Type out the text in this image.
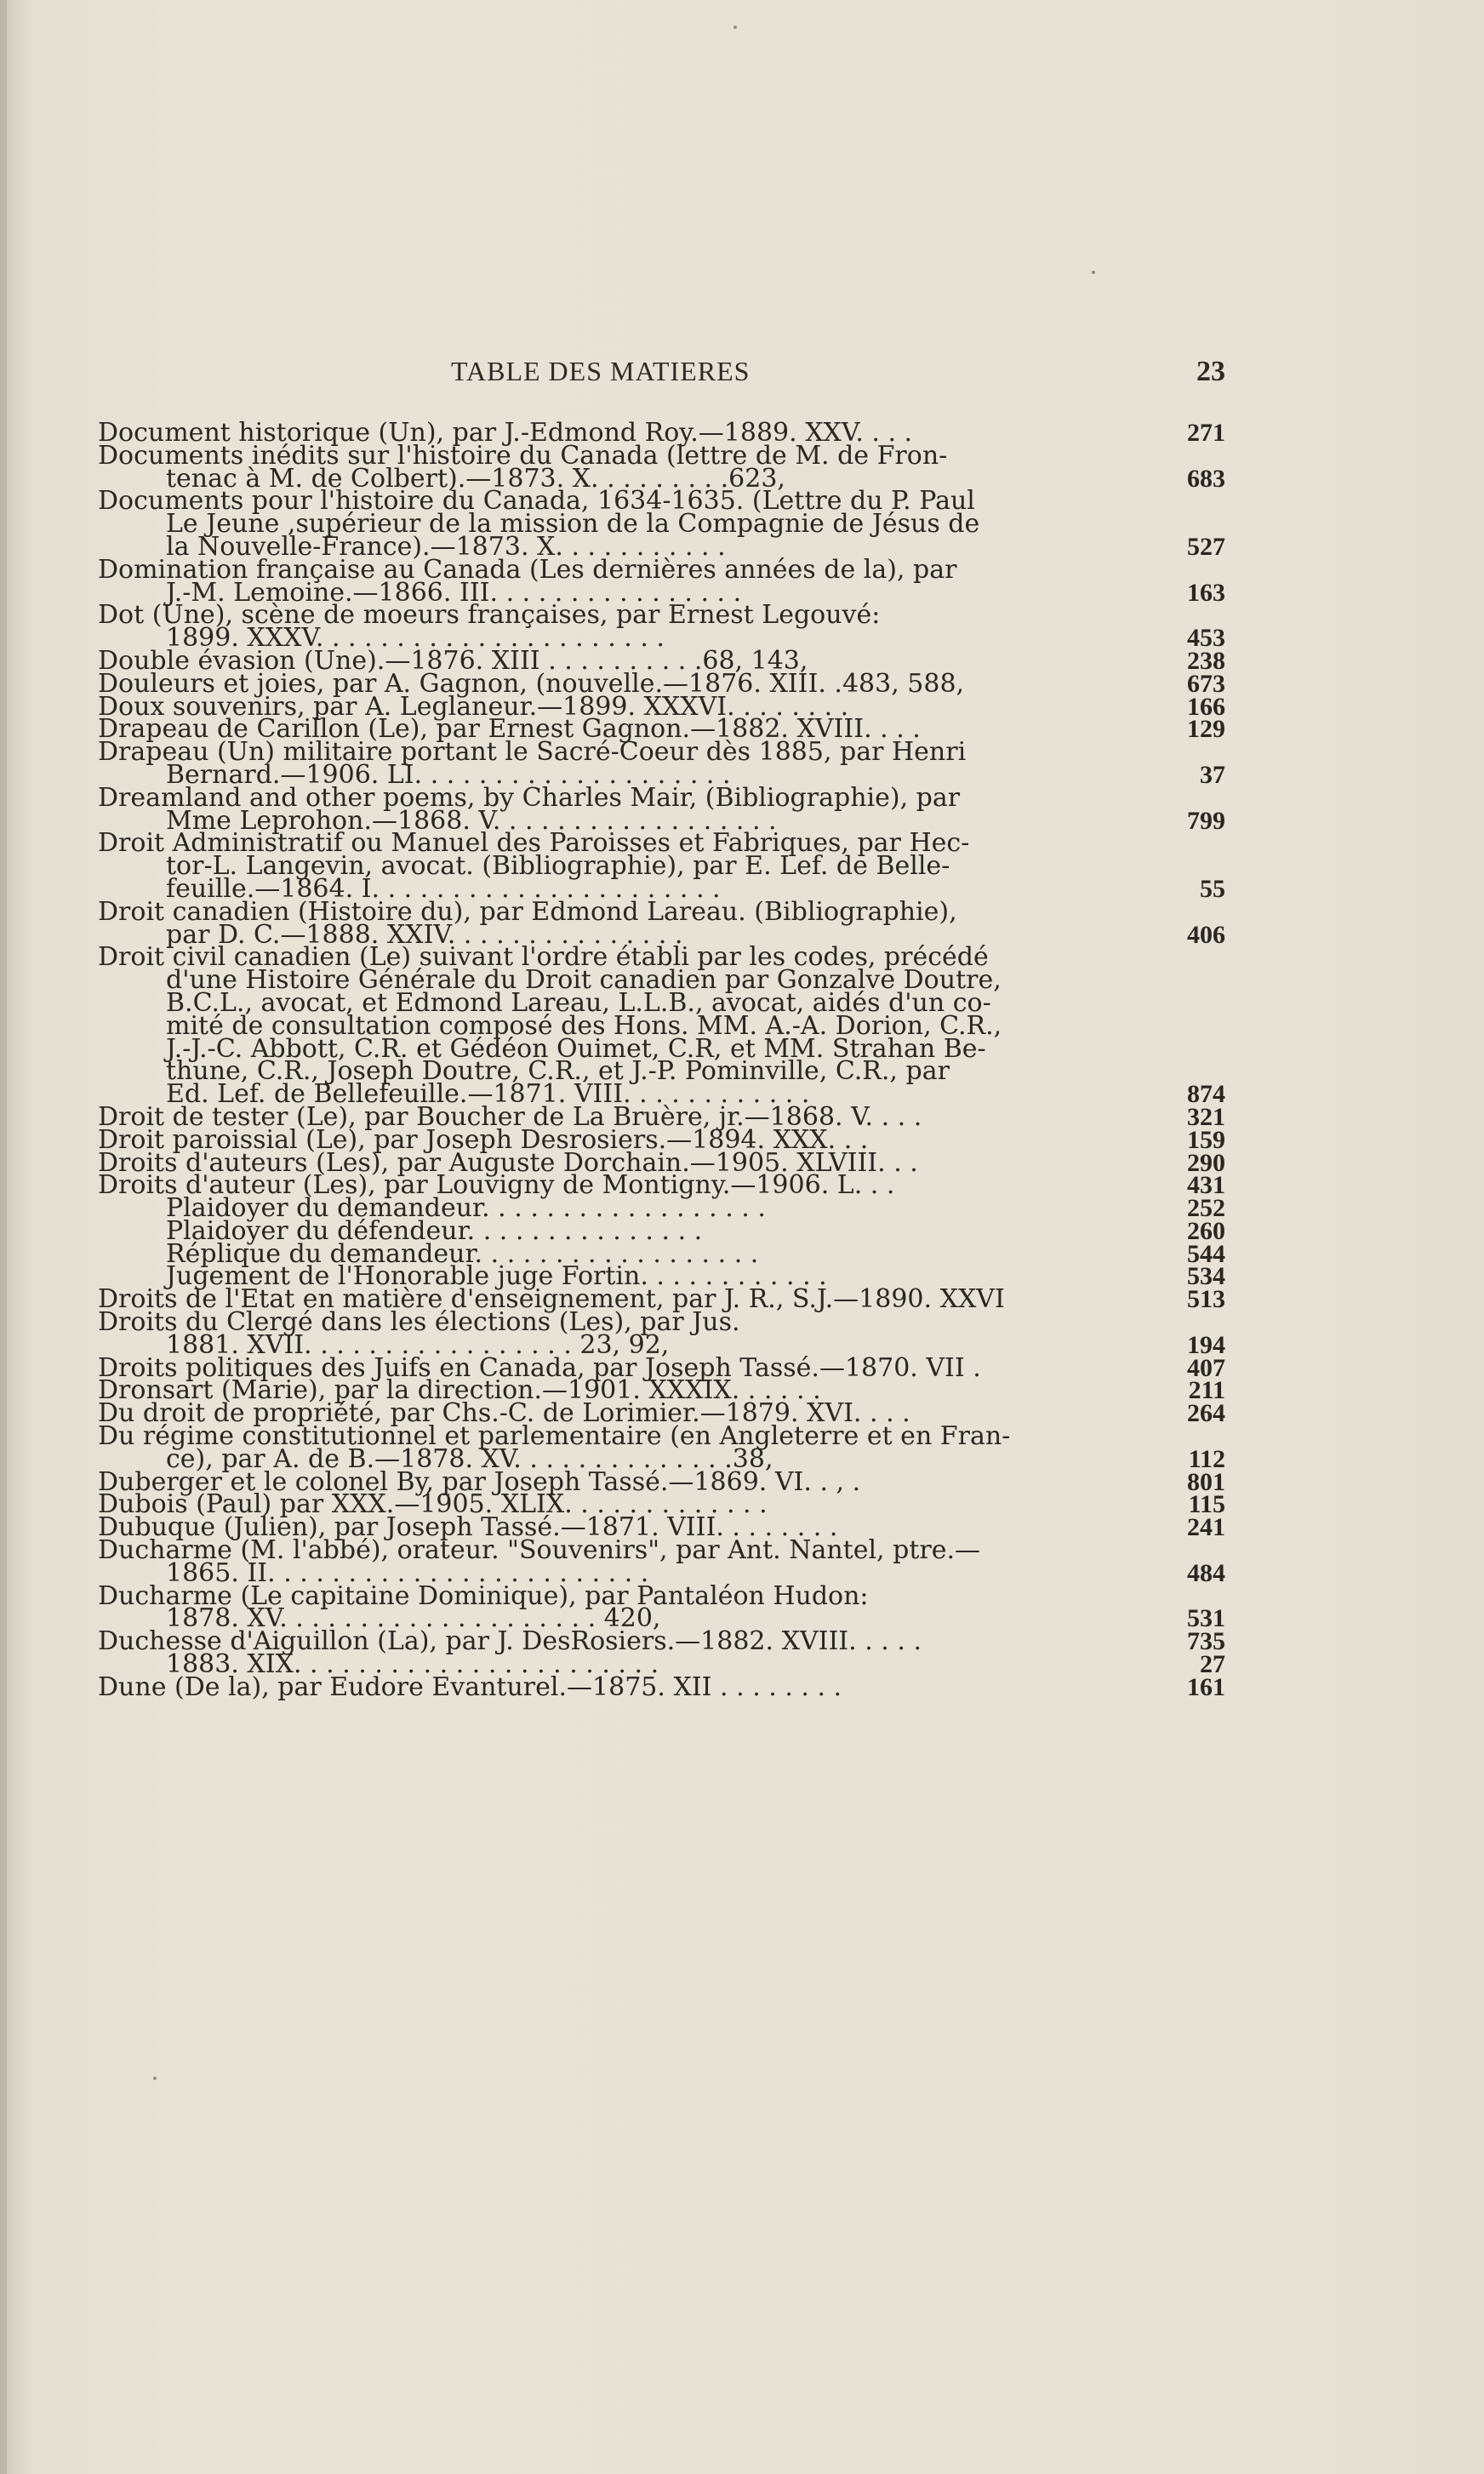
TABLE DES MATIERES	23
Document historique (Un), par J.-Edmond Roy.—1889. XXV. . . .	271
Documents inédits sur l'histoire du Canada (lettre de M. de Fron-
tenac à M. de Colbert).—1873. X. . . . . . . . .623,	683
Documents pour l'histoire du Canada, 1634-1635. (Lettre du P. Paul
Le Jeune ,supérieur de la mission de la Compagnie de Jésus de
la Nouvelle-France).—1873. X. . . . . . . . . . .	527
Domination française au Canada (Les dernières années de la), par
J.-M. Lemoine.—1866. III. . . . . . . . . . . . . . . .	163
Dot (Une), scène de moeurs françaises, par Ernest Legouvé:
1899. XXXV. . . . . . . . . . . . . . . . . . . . . .	453
Double évasion (Une).—1876. XIII . . . . . . . . . .68, 143,	238
Douleurs et joies, par A. Gagnon, (nouvelle.—1876. XIII. .483, 588,	673
Doux souvenirs, par A. Leglaneur.—1899. XXXVI. . . . . . . .	166
Drapeau de Carillon (Le), par Ernest Gagnon.—1882. XVIII. . . .	129
Drapeau (Un) militaire portant le Sacré-Coeur dès 1885, par Henri
Bernard.—1906. LI. . . . . . . . . . . . . . . . . . . .	37
Dreamland and other poems, by Charles Mair, (Bibliographie), par
Mme Leprohon.—1868. V. . . . . . . . . . . . . . . . . .	799
Droit Administratif ou Manuel des Paroisses et Fabriques, par Hec-
tor-L. Langevin, avocat. (Bibliographie), par E. Lef. de Belle-
feuille.—1864. I. . . . . . . . . . . . . . . . . . . . . .	55
Droit canadien (Histoire du), par Edmond Lareau. (Bibliographie),
par D. C.—1888. XXIV. . . . . . . . . . . . . . .	406
Droit civil canadien (Le) suivant l'ordre établi par les codes, précédé
d'une Histoire Générale du Droit canadien par Gonzalve Doutre,
B.C.L., avocat, et Edmond Lareau, L.L.B., avocat, aidés d'un co-
mité de consultation composé des Hons. MM. A.-A. Dorion, C.R.,
J.-J.-C. Abbott, C.R. et Gédéon Ouimet, C.R, et MM. Strahan Be-
thune, C.R., Joseph Doutre, C.R., et J.-P. Pominville, C.R., par
Ed. Lef. de Bellefeuille.—1871. VIII. . . . . . . . . . . .	874
Droit de tester (Le), par Boucher de La Bruère, jr.—1868. V. . . .	321
Droit paroissial (Le), par Joseph Desrosiers.—1894. XXX. . .	159
Droits d'auteurs (Les), par Auguste Dorchain.—1905. XLVIII. . .	290
Droits d'auteur (Les), par Louvigny de Montigny.—1906. L. . .	431
Plaidoyer du demandeur. . . . . . . . . . . . . . . . . .	252
Plaidoyer du défendeur. . . . . . . . . . . . . . .	260
Réplique du demandeur. . . . . . . . . . . . . . . . . .	544
Jugement de l'Honorable juge Fortin. . . . . . . . . . . .	534
Droits de l'Etat en matière d'enseignement, par J. R., S.J.—1890. XXVI	513
Droits du Clergé dans les élections (Les), par Jus.
1881. XVII. . . . . . . . . . . . . . . . . 23, 92,	194
Droits politiques des Juifs en Canada, par Joseph Tassé.—1870. VII .	407
Dronsart (Marie), par la direction.—1901. XXXIX. . . . . .	211
Du droit de propriété, par Chs.-C. de Lorimier.—1879. XVI. . . .	264
Du régime constitutionnel et parlementaire (en Angleterre et en Fran-
ce), par A. de B.—1878. XV. . . . . . . . . . . . . .38,	112
Duberger et le colonel By, par Joseph Tassé.—1869. VI. . , .	801
Dubois (Paul) par XXX.—1905. XLIX. . . . . . . . . . . . .	115
Dubuque (Julien), par Joseph Tassé.—1871. VIII. . . . . . . .	241
Ducharme (M. l'abbé), orateur. "Souvenirs", par Ant. Nantel, ptre.—
1865. II. . . . . . . . . . . . . . . . . . . . . . . .	484
Ducharme (Le capitaine Dominique), par Pantaléon Hudon:
1878. XV. . . . . . . . . . . . . . . . . . . . 420,	531
Duchesse d'Aiguillon (La), par J. DesRosiers.—1882. XVIII. . . . .	735
1883. XIX. . . . . . . . . . . . . . . . . . . . . . .	27
Dune (De la), par Eudore Evanturel.—1875. XII . . . . . . . .	161
